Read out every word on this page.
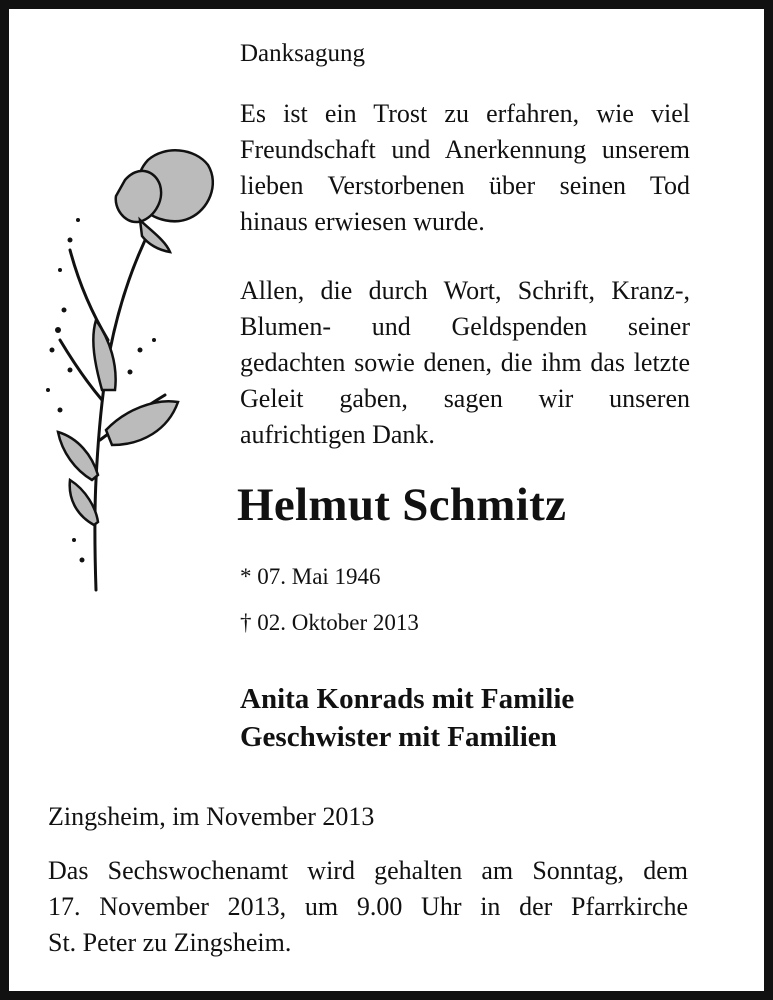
Danksagung
Es ist ein Trost zu erfahren, wie viel Freundschaft und Anerkennung unserem lieben Verstorbenen über seinen Tod hinaus erwiesen wurde.
Allen, die durch Wort, Schrift, Kranz-, Blumen- und Geldspenden seiner gedachten sowie denen, die ihm das letzte Geleit gaben, sagen wir unseren aufrichtigen Dank.
Helmut Schmitz
* 07. Mai 1946
† 02. Oktober 2013
Anita Konrads mit Familie
Geschwister mit Familien
Zingsheim, im November 2013
Das Sechswochenamt wird gehalten am Sonntag, dem
17. November 2013, um 9.00 Uhr in der Pfarrkirche
St. Peter zu Zingsheim.
